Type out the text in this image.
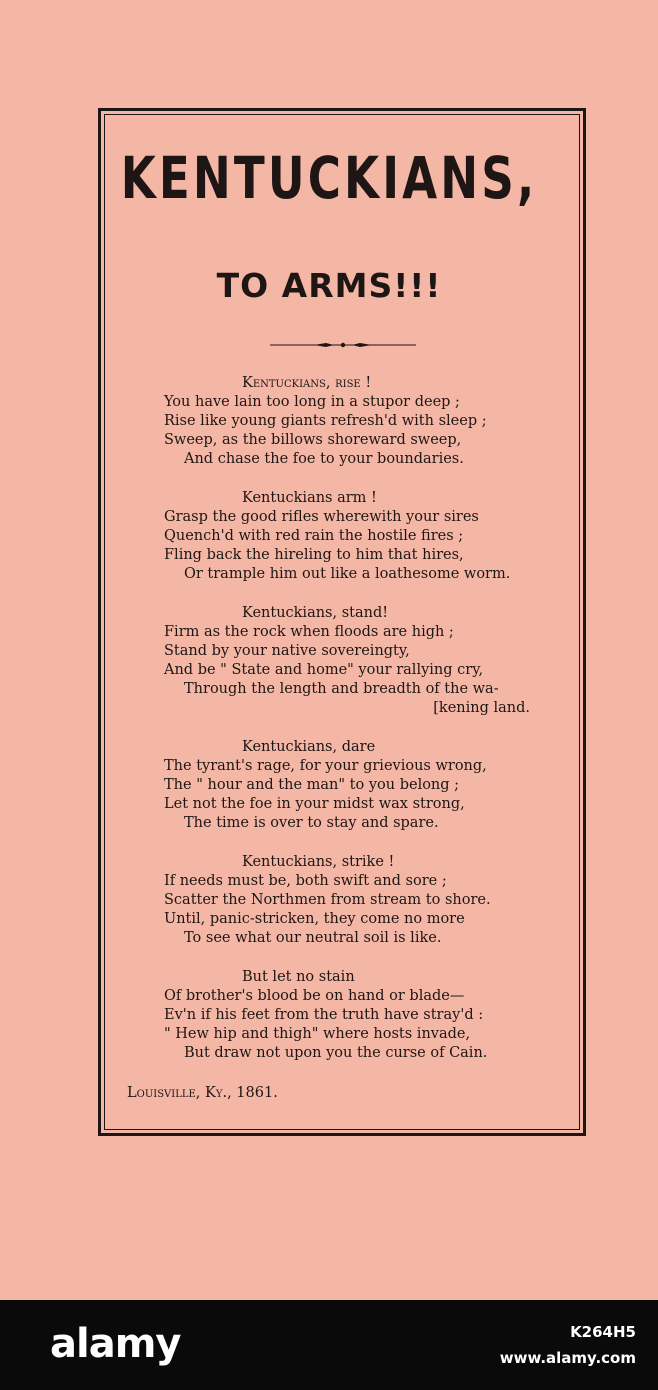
KENTUCKIANS,
TO ARMS!!!
Kentuckians, rise !
You have lain too long in a stupor deep ;
Rise like young giants refresh'd with sleep ;
Sweep, as the billows shoreward sweep,
And chase the foe to your boundaries.
Kentuckians arm !
Grasp the good rifles wherewith your sires
Quench'd with red rain the hostile fires ;
Fling back the hireling to him that hires,
Or trample him out like a loathesome worm.
Kentuckians, stand!
Firm as the rock when floods are high ;
Stand by your native sovereingty,
And be " State and home" your rallying cry,
Through the length and breadth of the wa-
[kening land.
Kentuckians, dare
The tyrant's rage, for your grievious wrong,
The " hour and the man" to you belong ;
Let not the foe in your midst wax strong,
The time is over to stay and spare.
Kentuckians, strike !
If needs must be, both swift and sore ;
Scatter the Northmen from stream to shore.
Until, panic-stricken, they come no more
To see what our neutral soil is like.
But let no stain
Of brother's blood be on hand or blade—
Ev'n if his feet from the truth have stray'd :
" Hew hip and thigh" where hosts invade,
But draw not upon you the curse of Cain.
Louisville, Ky., 1861.
alamy	K264H5
www.alamy.com
